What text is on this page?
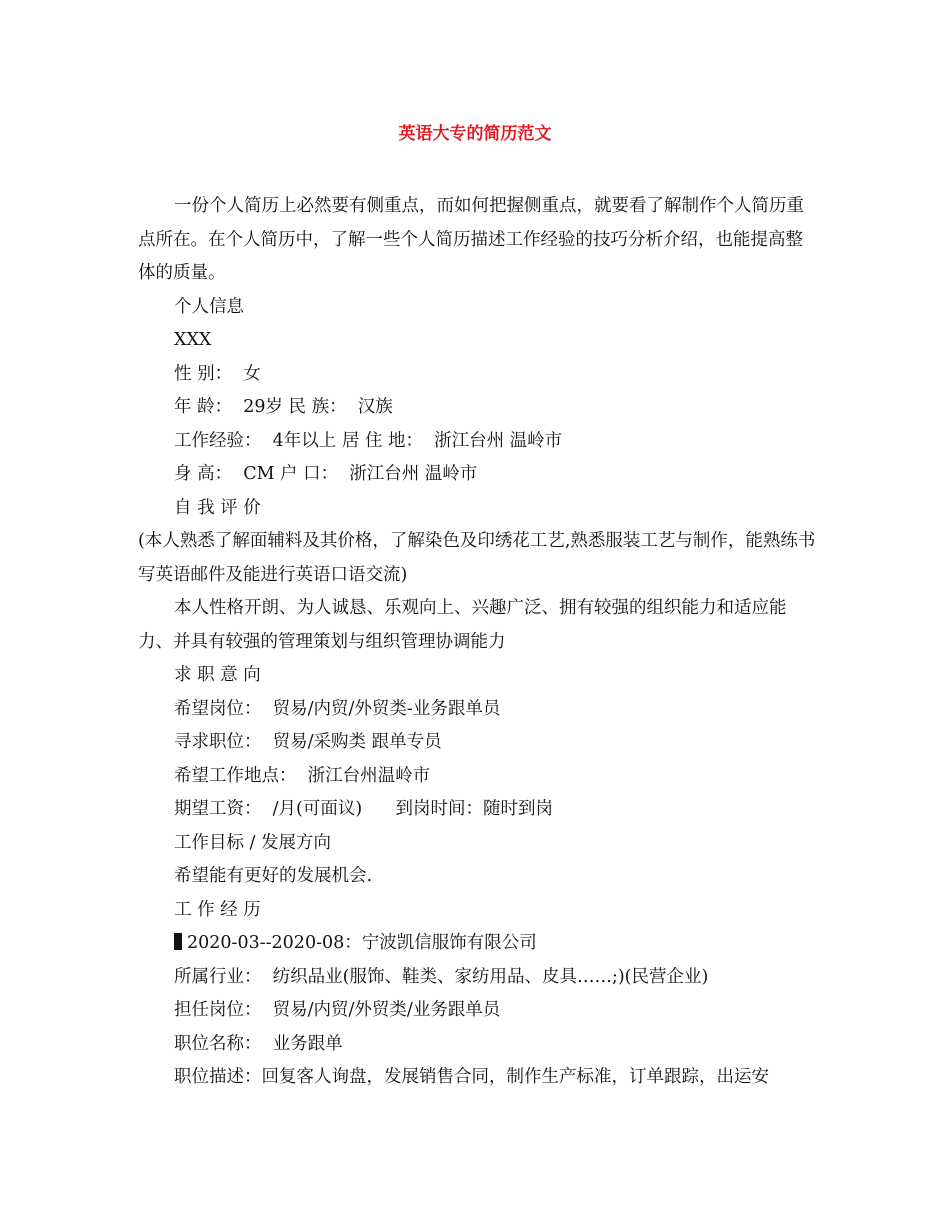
英语大专的简历范文

一份个人简历上必然要有侧重点，而如何把握侧重点，就要看了解制作个人简历重点所在。在个人简历中，了解一些个人简历描述工作经验的技巧分析介绍，也能提高整体的质量。

个人信息

XXX

性 别：  女

年 龄：  29岁 民 族：  汉族

工作经验：  4年以上 居 住 地：  浙江台州 温岭市

身 高：  CM 户 口：  浙江台州 温岭市

自 我 评 价

(本人熟悉了解面辅料及其价格，了解染色及印绣花工艺,熟悉服装工艺与制作，能熟练书写英语邮件及能进行英语口语交流)

本人性格开朗、为人诚恳、乐观向上、兴趣广泛、拥有较强的组织能力和适应能力、并具有较强的管理策划与组织管理协调能力

求 职 意 向

希望岗位：  贸易/内贸/外贸类-业务跟单员

寻求职位：  贸易/采购类 跟单专员

希望工作地点：  浙江台州温岭市

期望工资：  /月(可面议)      到岗时间：随时到岗

工作目标 / 发展方向

希望能有更好的发展机会.

工 作 经 历

2020-03--2020-08：宁波凯信服饰有限公司

所属行业：  纺织品业(服饰、鞋类、家纺用品、皮具……;)(民营企业)

担任岗位：  贸易/内贸/外贸类/业务跟单员

职位名称：  业务跟单

职位描述：回复客人询盘，发展销售合同，制作生产标准，订单跟踪，出运安
